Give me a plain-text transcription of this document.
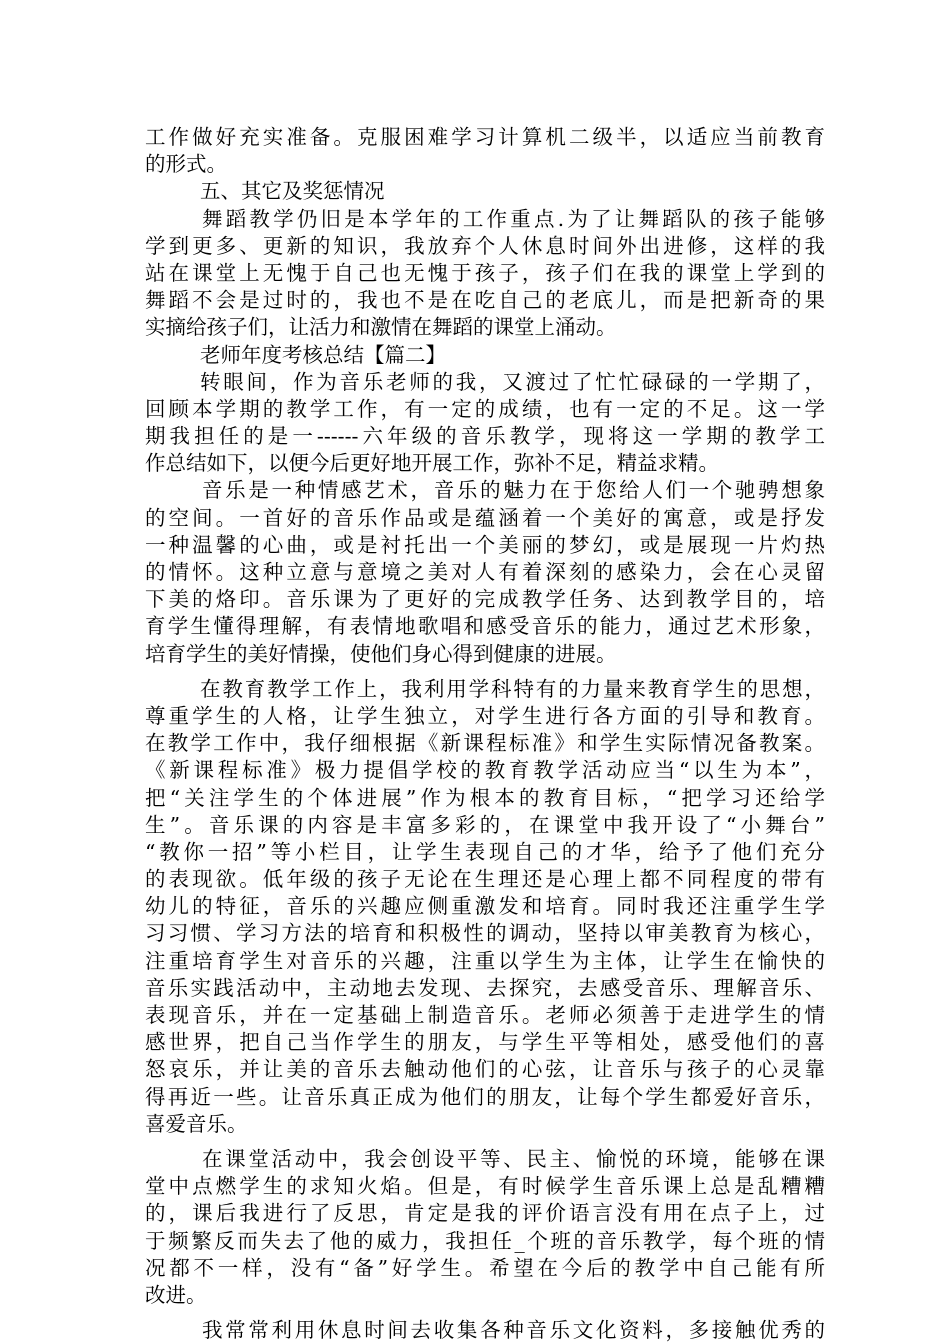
工作做好充实准备。克服困难学习计算机二级半，以适应当前教育
的形式。
五、其它及奖惩情况
舞蹈教学仍旧是本学年的工作重点.为了让舞蹈队的孩子能够
学到更多、更新的知识，我放弃个人休息时间外出进修，这样的我
站在课堂上无愧于自己也无愧于孩子，孩子们在我的课堂上学到的
舞蹈不会是过时的，我也不是在吃自己的老底儿，而是把新奇的果
实摘给孩子们，让活力和激情在舞蹈的课堂上涌动。
老师年度考核总结【篇二】
转眼间，作为音乐老师的我，又渡过了忙忙碌碌的一学期了，
回顾本学期的教学工作，有一定的成绩，也有一定的不足。这一学
期我担任的是一------六年级的音乐教学，现将这一学期的教学工
作总结如下，以便今后更好地开展工作，弥补不足，精益求精。
音乐是一种情感艺术，音乐的魅力在于您给人们一个驰骋想象
的空间。一首好的音乐作品或是蕴涵着一个美好的寓意，或是抒发
一种温馨的心曲，或是衬托出一个美丽的梦幻，或是展现一片灼热
的情怀。这种立意与意境之美对人有着深刻的感染力，会在心灵留
下美的烙印。音乐课为了更好的完成教学任务、达到教学目的，培
育学生懂得理解，有表情地歌唱和感受音乐的能力，通过艺术形象，
培育学生的美好情操，使他们身心得到健康的进展。
在教育教学工作上，我利用学科特有的力量来教育学生的思想，
尊重学生的人格，让学生独立，对学生进行各方面的引导和教育。
在教学工作中，我仔细根据《新课程标准》和学生实际情况备教案。
《新课程标准》极力提倡学校的教育教学活动应当“以生为本”，
把“关注学生的个体进展”作为根本的教育目标，“把学习还给学
生”。音乐课的内容是丰富多彩的，在课堂中我开设了“小舞台”
“教你一招”等小栏目，让学生表现自己的才华，给予了他们充分
的表现欲。低年级的孩子无论在生理还是心理上都不同程度的带有
幼儿的特征，音乐的兴趣应侧重激发和培育。同时我还注重学生学
习习惯、学习方法的培育和积极性的调动，坚持以审美教育为核心，
注重培育学生对音乐的兴趣，注重以学生为主体，让学生在愉快的
音乐实践活动中，主动地去发现、去探究，去感受音乐、理解音乐、
表现音乐，并在一定基础上制造音乐。老师必须善于走进学生的情
感世界，把自己当作学生的朋友，与学生平等相处，感受他们的喜
怒哀乐，并让美的音乐去触动他们的心弦，让音乐与孩子的心灵靠
得再近一些。让音乐真正成为他们的朋友，让每个学生都爱好音乐，
喜爱音乐。
在课堂活动中，我会创设平等、民主、愉悦的环境，能够在课
堂中点燃学生的求知火焰。但是，有时候学生音乐课上总是乱糟糟
的，课后我进行了反思，肯定是我的评价语言没有用在点子上，过
于频繁反而失去了他的威力，我担任_个班的音乐教学，每个班的情
况都不一样，没有“备”好学生。希望在今后的教学中自己能有所
改进。
我常常利用休息时间去收集各种音乐文化资料，多接触优秀的
